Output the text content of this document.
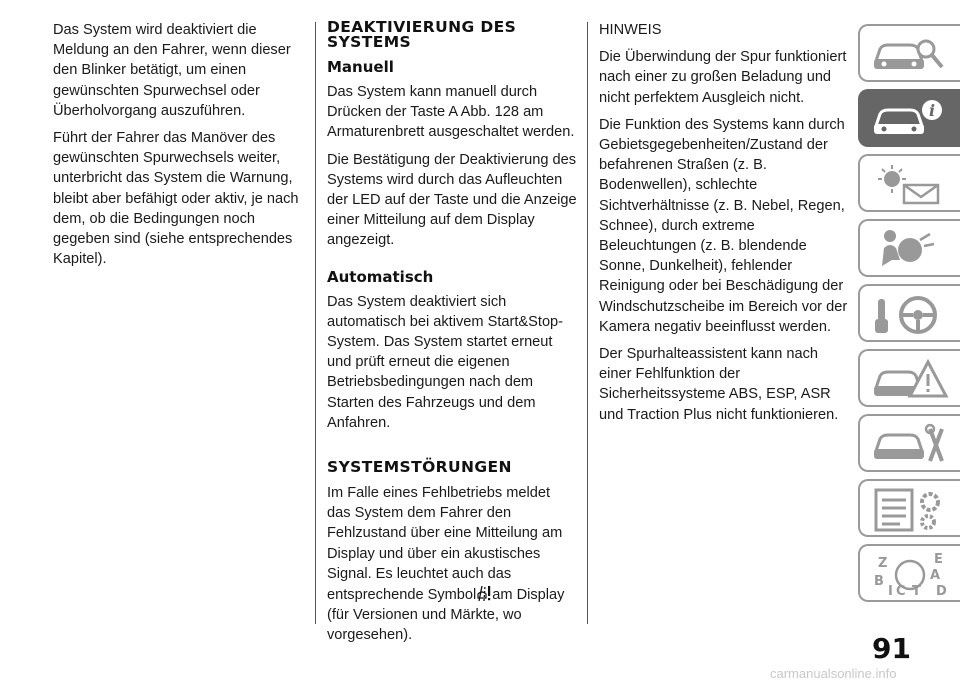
Das System wird deaktiviert die Meldung an den Fahrer, wenn dieser den Blinker betätigt, um einen gewünschten Spurwechsel oder Überholvorgang auszuführen.

Führt der Fahrer das Manöver des gewünschten Spurwechsels weiter, unterbricht das System die Warnung, bleibt aber befähigt oder aktiv, je nach dem, ob die Bedingungen noch gegeben sind (siehe entsprechendes Kapitel).

DEAKTIVIERUNG DES SYSTEMS
Manuell

Das System kann manuell durch Drücken der Taste A Abb. 128 am Armaturenbrett ausgeschaltet werden.

Die Bestätigung der Deaktivierung des Systems wird durch das Aufleuchten der LED auf der Taste und die Anzeige einer Mitteilung auf dem Display angezeigt.

Automatisch

Das System deaktiviert sich automatisch bei aktivem Start&Stop-System. Das System startet erneut und prüft erneut die eigenen Betriebsbedingungen nach dem Starten des Fahrzeugs und dem Anfahren.

SYSTEMSTÖRUNGEN

Im Falle eines Fehlbetriebs meldet das System dem Fahrer den Fehlzustand über eine Mitteilung am Display und über ein akustisches Signal. Es leuchtet auch das entsprechende Symbol am Display (für Versionen und Märkte, wo vorgesehen).

HINWEIS

Die Überwindung der Spur funktioniert nach einer zu großen Beladung und nicht perfektem Ausgleich nicht.

Die Funktion des Systems kann durch Gebietsgegebenheiten/Zustand der befahrenen Straßen (z. B. Bodenwellen), schlechte Sichtverhältnisse (z. B. Nebel, Regen, Schnee), durch extreme Beleuchtungen (z. B. blendende Sonne, Dunkelheit), fehlender Reinigung oder bei Beschädigung der Windschutzscheibe im Bereich vor der Kamera negativ beeinflusst werden.

Der Spurhalteassistent kann nach einer Fehlfunktion der Sicherheitssysteme ABS, ESP, ASR und Traction Plus nicht funktionieren.

i
Z	E
A
B
C T D
I
91
carmanualsonline.info
